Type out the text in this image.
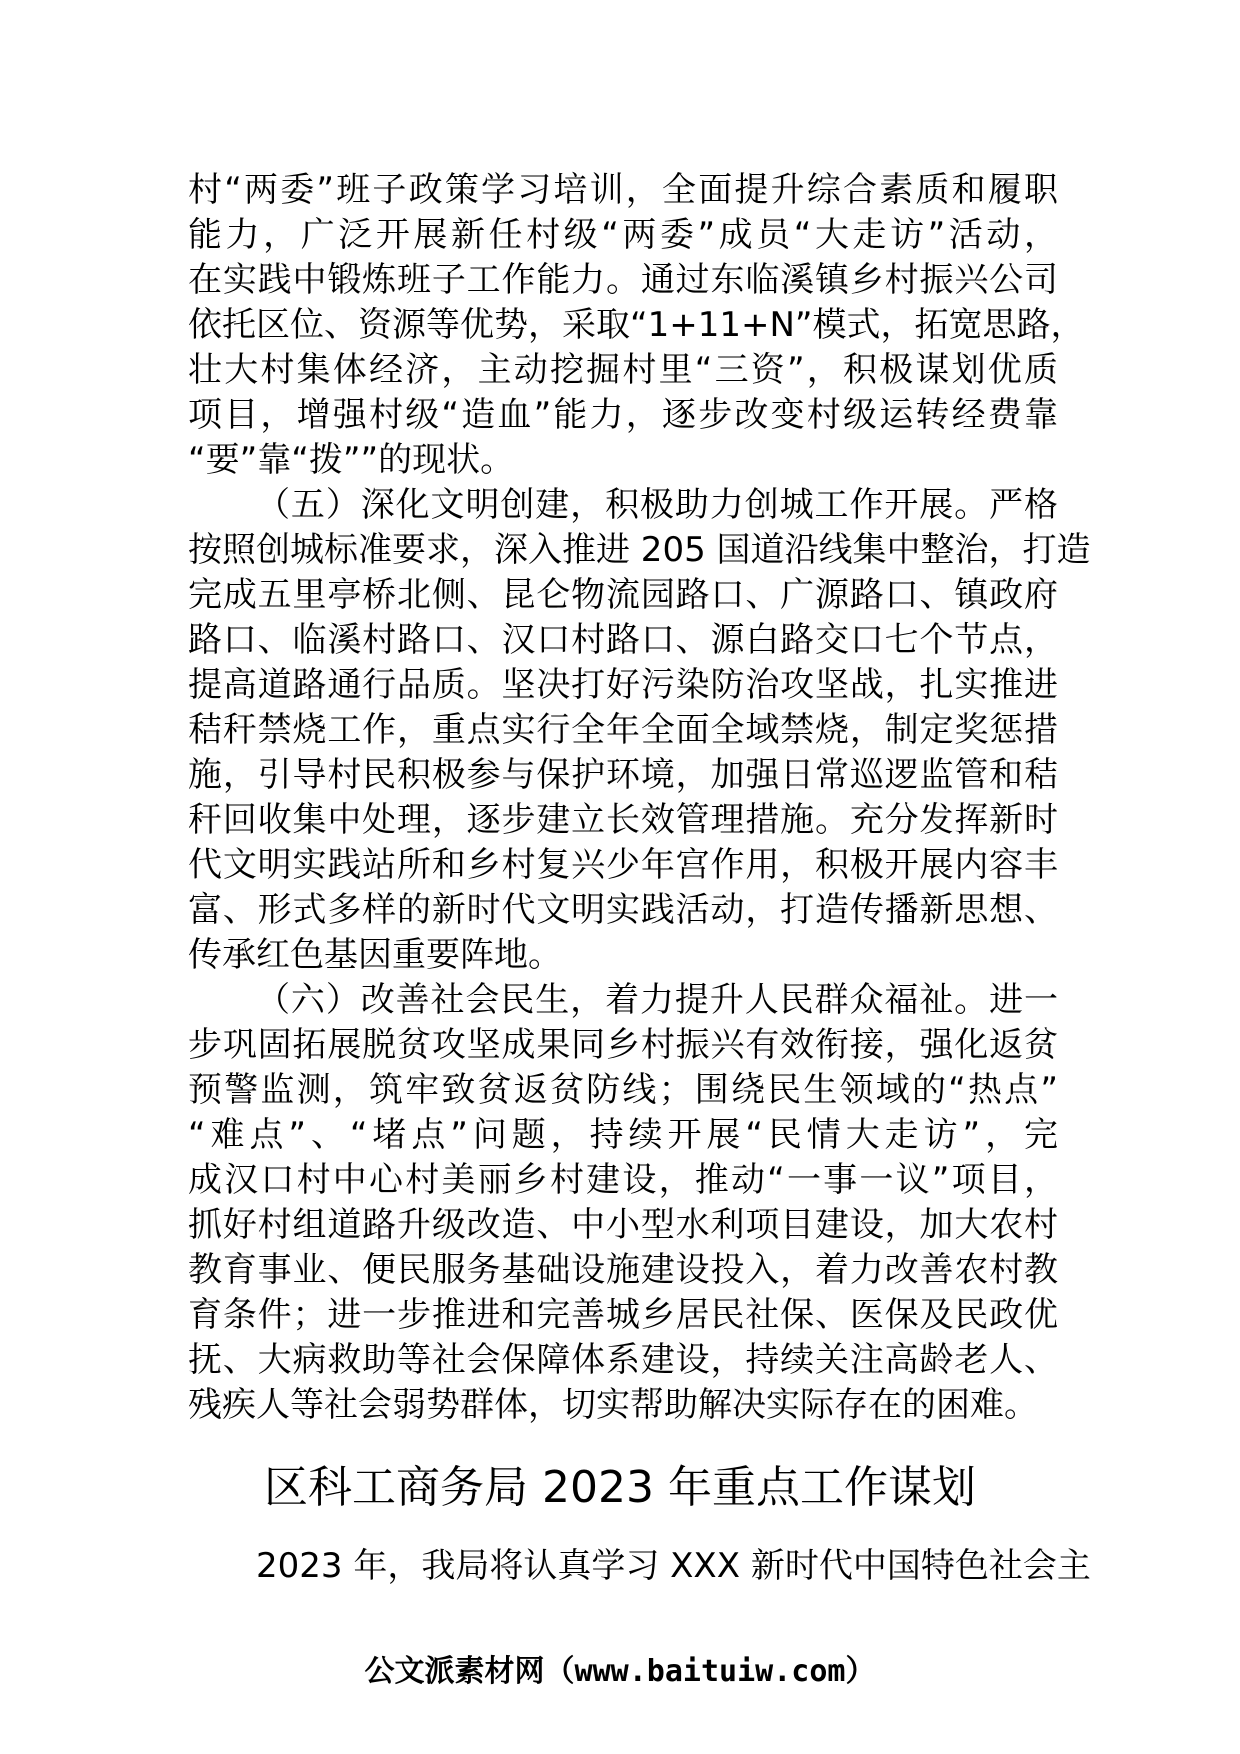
村“两委”班子政策学习培训，全面提升综合素质和履职
能力，广泛开展新任村级“两委”成员“大走访”活动，
在实践中锻炼班子工作能力。通过东临溪镇乡村振兴公司
依托区位、资源等优势，采取“1+11+N”模式，拓宽思路，
壮大村集体经济，主动挖掘村里“三资”，积极谋划优质
项目，增强村级“造血”能力，逐步改变村级运转经费靠
“要”靠“拨””的现状。
（五）深化文明创建，积极助力创城工作开展。严格
按照创城标准要求，深入推进 205 国道沿线集中整治，打造
完成五里亭桥北侧、昆仑物流园路口、广源路口、镇政府
路口、临溪村路口、汉口村路口、源白路交口七个节点，
提高道路通行品质。坚决打好污染防治攻坚战，扎实推进
秸秆禁烧工作，重点实行全年全面全域禁烧，制定奖惩措
施，引导村民积极参与保护环境，加强日常巡逻监管和秸
秆回收集中处理，逐步建立长效管理措施。充分发挥新时
代文明实践站所和乡村复兴少年宫作用，积极开展内容丰
富、形式多样的新时代文明实践活动，打造传播新思想、
传承红色基因重要阵地。
（六）改善社会民生，着力提升人民群众福祉。进一
步巩固拓展脱贫攻坚成果同乡村振兴有效衔接，强化返贫
预警监测，筑牢致贫返贫防线；围绕民生领域的“热点”
“难点”、“堵点”问题，持续开展“民情大走访”，完
成汉口村中心村美丽乡村建设，推动“一事一议”项目，
抓好村组道路升级改造、中小型水利项目建设，加大农村
教育事业、便民服务基础设施建设投入，着力改善农村教
育条件；进一步推进和完善城乡居民社保、医保及民政优
抚、大病救助等社会保障体系建设，持续关注高龄老人、
残疾人等社会弱势群体，切实帮助解决实际存在的困难。
区科工商务局 2023 年重点工作谋划
2023 年，我局将认真学习 XXX 新时代中国特色社会主
公文派素材网（www.baituiw.com）
